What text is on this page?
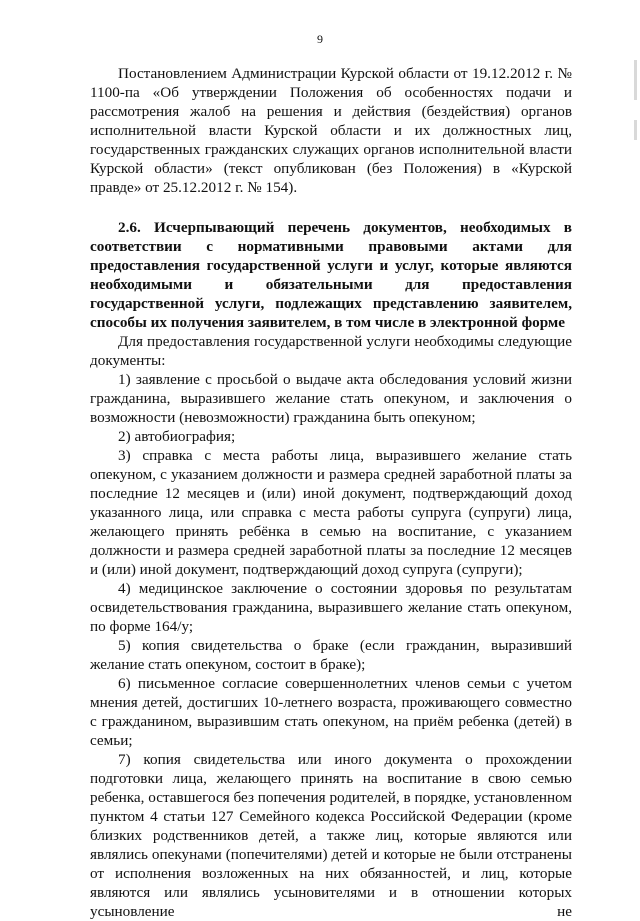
9

Постановлением Администрации Курской области от 19.12.2012 г. № 1100-па «Об утверждении Положения об особенностях подачи и рассмотрения жалоб на решения и действия (бездействия) органов исполнительной власти Курской области и их должностных лиц, государственных гражданских служащих органов исполнительной власти Курской области» (текст опубликован (без Положения) в «Курской правде» от 25.12.2012 г. № 154).

2.6. Исчерпывающий перечень документов, необходимых в соответствии с нормативными правовыми актами для предоставления государственной услуги и услуг, которые являются необходимыми и обязательными для предоставления государственной услуги, подлежащих представлению заявителем, способы их получения заявителем, в том числе в электронной форме

Для предоставления государственной услуги необходимы следующие документы:

1) заявление с просьбой о выдаче акта обследования условий жизни гражданина, выразившего желание стать опекуном, и заключения о возможности (невозможности) гражданина быть опекуном;

2) автобиография;

3) справка с места работы лица, выразившего желание стать опекуном, с указанием должности и размера средней заработной платы за последние 12 месяцев и (или) иной документ, подтверждающий доход указанного лица, или справка с места работы супруга (супруги) лица, желающего принять ребёнка в семью на воспитание, с указанием должности и размера средней заработной платы за последние 12 месяцев и (или) иной документ, подтверждающий доход супруга (супруги);

4) медицинское заключение о состоянии здоровья по результатам освидетельствования гражданина, выразившего желание стать опекуном, по форме 164/у;

5) копия свидетельства о браке (если гражданин, выразивший желание стать опекуном, состоит в браке);

6) письменное согласие совершеннолетних членов семьи с учетом мнения детей, достигших 10-летнего возраста, проживающего совместно с гражданином, выразившим стать опекуном, на приём ребенка (детей) в семьи;

7) копия свидетельства или иного документа о прохождении подготовки лица, желающего принять на воспитание в свою семью ребенка, оставшегося без попечения родителей, в порядке, установленном пунктом 4 статьи 127 Семейного кодекса Российской Федерации (кроме близких родственников детей, а также лиц, которые являются или являлись опекунами (попечителями) детей и которые не были отстранены от исполнения возложенных на них обязанностей, и лиц, которые являются или являлись усыновителями и в отношении которых усыновление не
